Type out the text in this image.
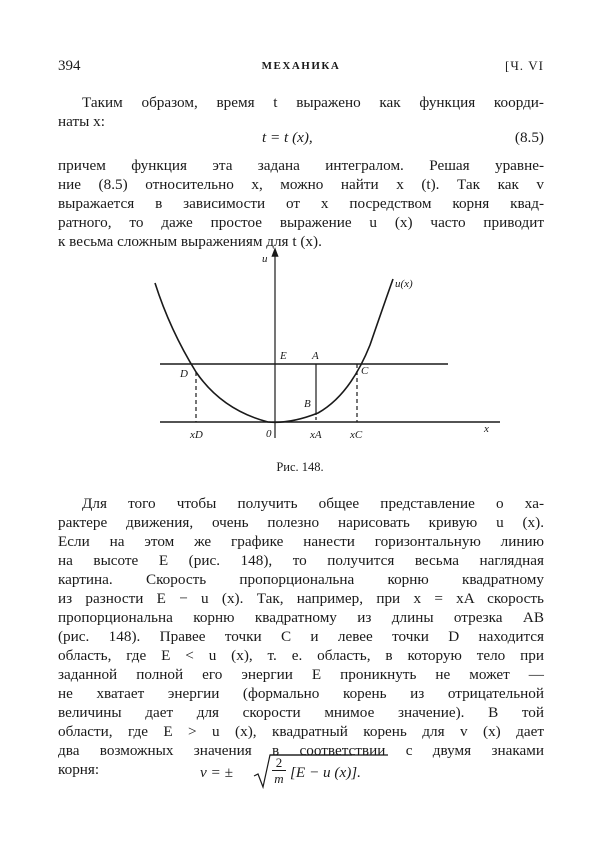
394	МЕХАНИКА	[Ч. VI

Таким образом, время t выражено как функция коорди-

наты x:

t = t (x),	(8.5)

причем функция эта задана интегралом. Решая уравне-

ние (8.5) относительно x, можно найти x (t). Так как v

выражается в зависимости от x посредством корня квад-

ратного, то даже простое выражение u (x) часто приводит

к весьма сложным выражениям для t (x).

u
u(x)
E A
B
C
D
0
xD	xA	xC	x
Рис. 148.

Для того чтобы получить общее представление о ха-

рактере движения, очень полезно нарисовать кривую u (x).

Если на этом же графике нанести горизонтальную линию

на высоте E (рис. 148), то получится весьма наглядная

картина. Скорость пропорциональна корню квадратному

из разности E − u (x). Так, например, при x = xA скорость

пропорциональна корню квадратному из длины отрезка AB

(рис. 148). Правее точки C и левее точки D находится

область, где E < u (x), т. е. область, в которую тело при

заданной полной его энергии E проникнуть не может —

не хватает энергии (формально корень из отрицательной

величины дает для скорости мнимое значение). В той

области, где E > u (x), квадратный корень для v (x) дает

два возможных значения в соответствии с двумя знаками

корня:	v = ±	$\frac{2}{m} [E - u$ (x)].
